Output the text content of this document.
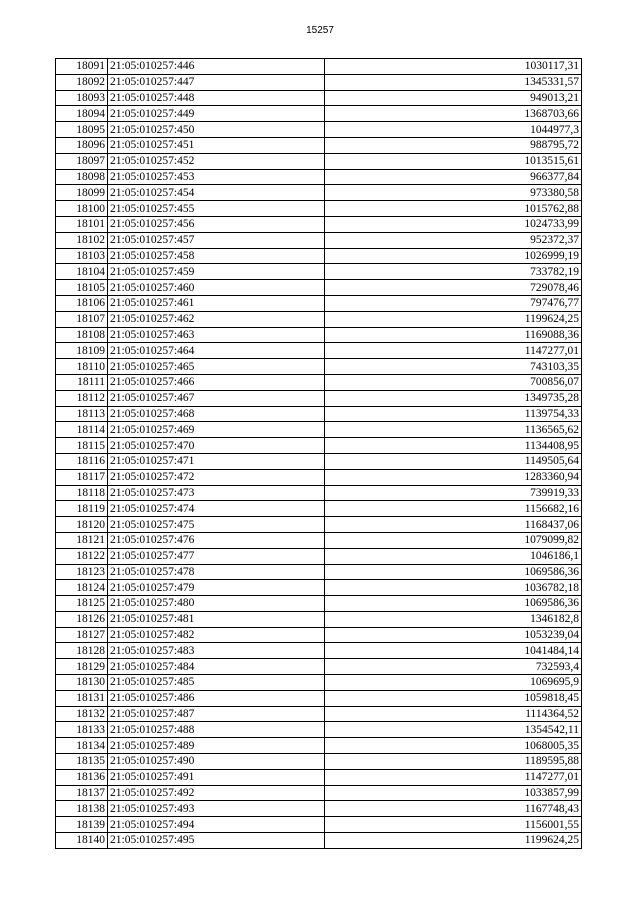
15257
18091	21:05:010257:446	1030117,31
18092	21:05:010257:447	1345331,57
18093	21:05:010257:448	949013,21
18094	21:05:010257:449	1368703,66
18095	21:05:010257:450	1044977,3
18096	21:05:010257:451	988795,72
18097	21:05:010257:452	1013515,61
18098	21:05:010257:453	966377,84
18099	21:05:010257:454	973380,58
18100	21:05:010257:455	1015762,88
18101	21:05:010257:456	1024733,99
18102	21:05:010257:457	952372,37
18103	21:05:010257:458	1026999,19
18104	21:05:010257:459	733782,19
18105	21:05:010257:460	729078,46
18106	21:05:010257:461	797476,77
18107	21:05:010257:462	1199624,25
18108	21:05:010257:463	1169088,36
18109	21:05:010257:464	1147277,01
18110	21:05:010257:465	743103,35
18111	21:05:010257:466	700856,07
18112	21:05:010257:467	1349735,28
18113	21:05:010257:468	1139754,33
18114	21:05:010257:469	1136565,62
18115	21:05:010257:470	1134408,95
18116	21:05:010257:471	1149505,64
18117	21:05:010257:472	1283360,94
18118	21:05:010257:473	739919,33
18119	21:05:010257:474	1156682,16
18120	21:05:010257:475	1168437,06
18121	21:05:010257:476	1079099,82
18122	21:05:010257:477	1046186,1
18123	21:05:010257:478	1069586,36
18124	21:05:010257:479	1036782,18
18125	21:05:010257:480	1069586,36
18126	21:05:010257:481	1346182,8
18127	21:05:010257:482	1053239,04
18128	21:05:010257:483	1041484,14
18129	21:05:010257:484	732593,4
18130	21:05:010257:485	1069695,9
18131	21:05:010257:486	1059818,45
18132	21:05:010257:487	1114364,52
18133	21:05:010257:488	1354542,11
18134	21:05:010257:489	1068005,35
18135	21:05:010257:490	1189595,88
18136	21:05:010257:491	1147277,01
18137	21:05:010257:492	1033857,99
18138	21:05:010257:493	1167748,43
18139	21:05:010257:494	1156001,55
18140	21:05:010257:495	1199624,25
